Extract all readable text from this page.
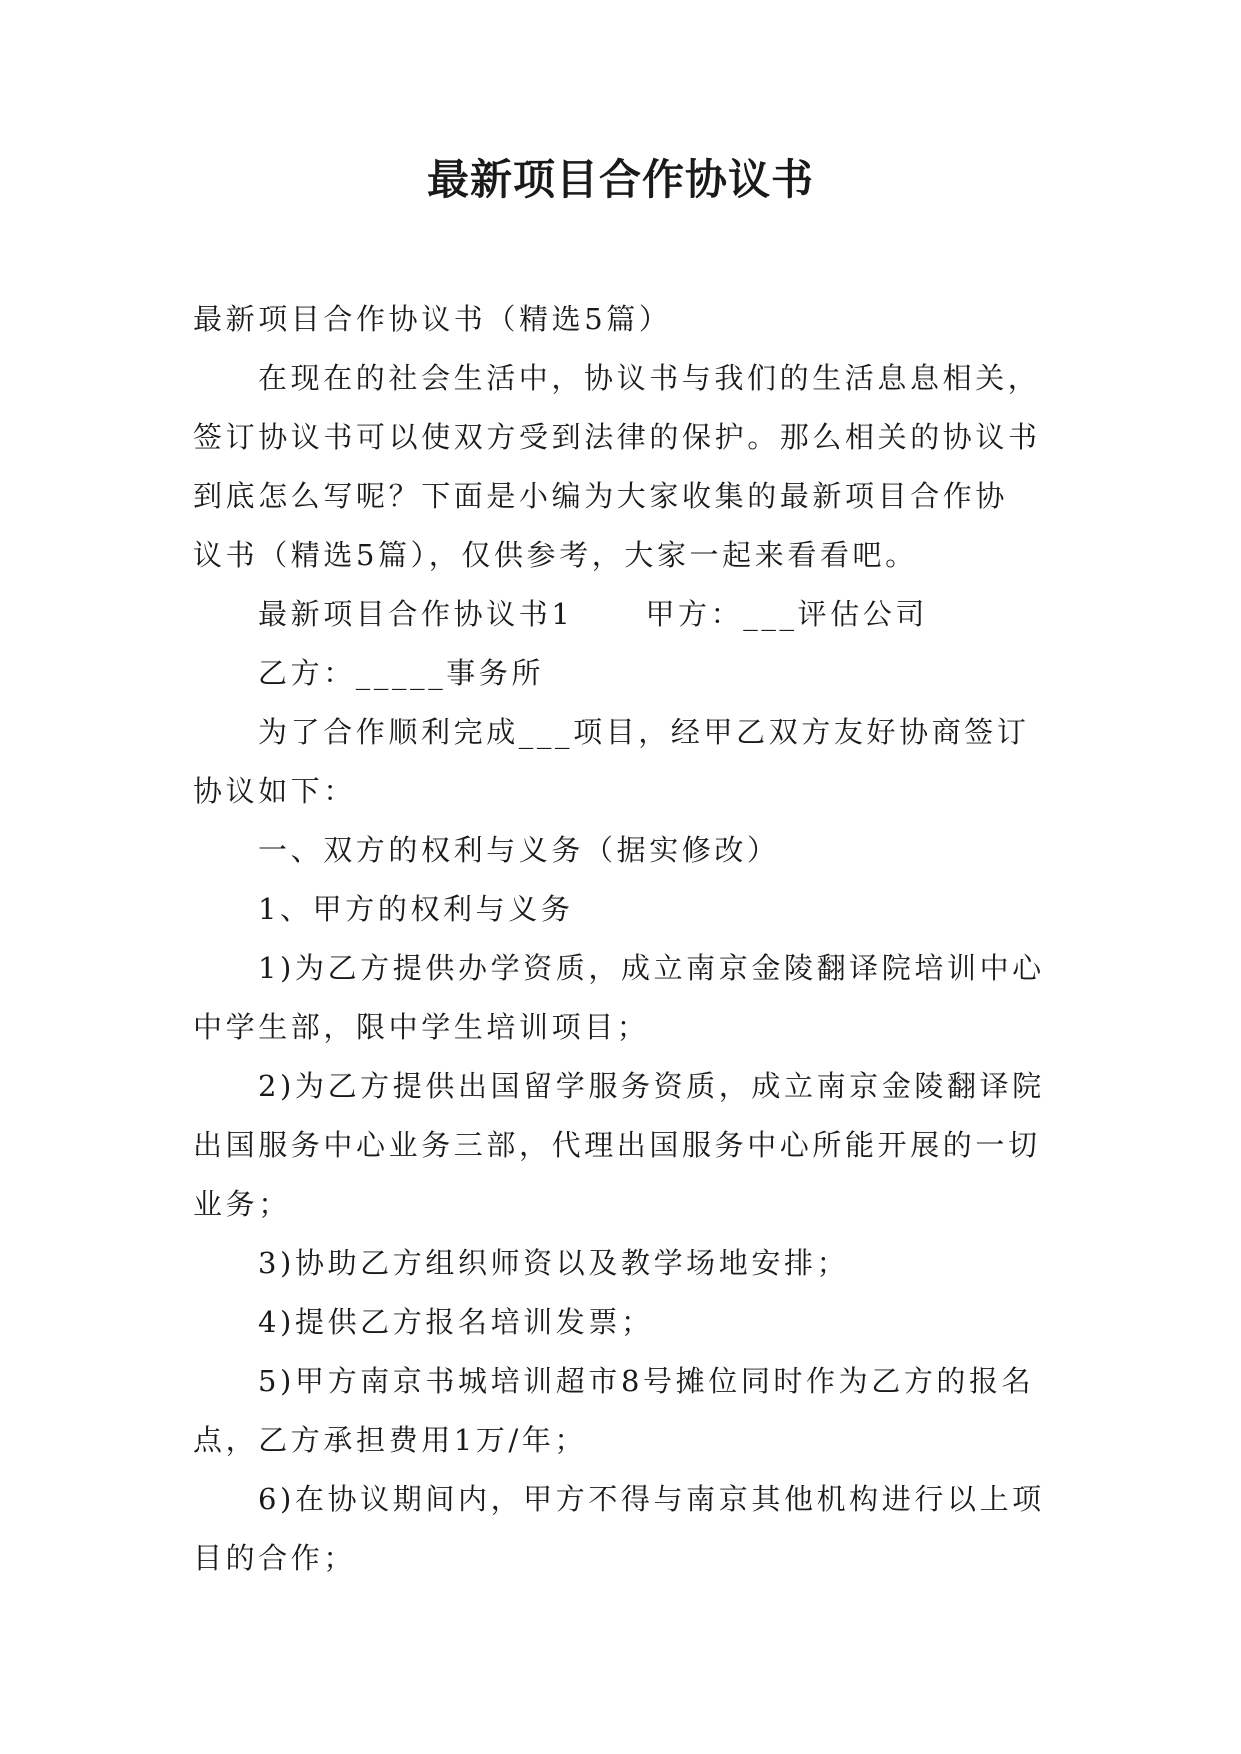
最新项目合作协议书

最新项目合作协议书（精选5篇）

在现在的社会生活中，协议书与我们的生活息息相关，

签订协议书可以使双方受到法律的保护。那么相关的协议书

到底怎么写呢？下面是小编为大家收集的最新项目合作协

议书（精选5篇），仅供参考，大家一起来看看吧。

最新项目合作协议书1 甲方：___评估公司

乙方：_____事务所

为了合作顺利完成___项目，经甲乙双方友好协商签订

协议如下：

一、双方的权利与义务（据实修改）

1、甲方的权利与义务

1)为乙方提供办学资质，成立南京金陵翻译院培训中心

中学生部，限中学生培训项目；

2)为乙方提供出国留学服务资质，成立南京金陵翻译院

出国服务中心业务三部，代理出国服务中心所能开展的一切

业务；

3)协助乙方组织师资以及教学场地安排；

4)提供乙方报名培训发票；

5)甲方南京书城培训超市8号摊位同时作为乙方的报名

点，乙方承担费用1万/年；

6)在协议期间内，甲方不得与南京其他机构进行以上项

目的合作；
